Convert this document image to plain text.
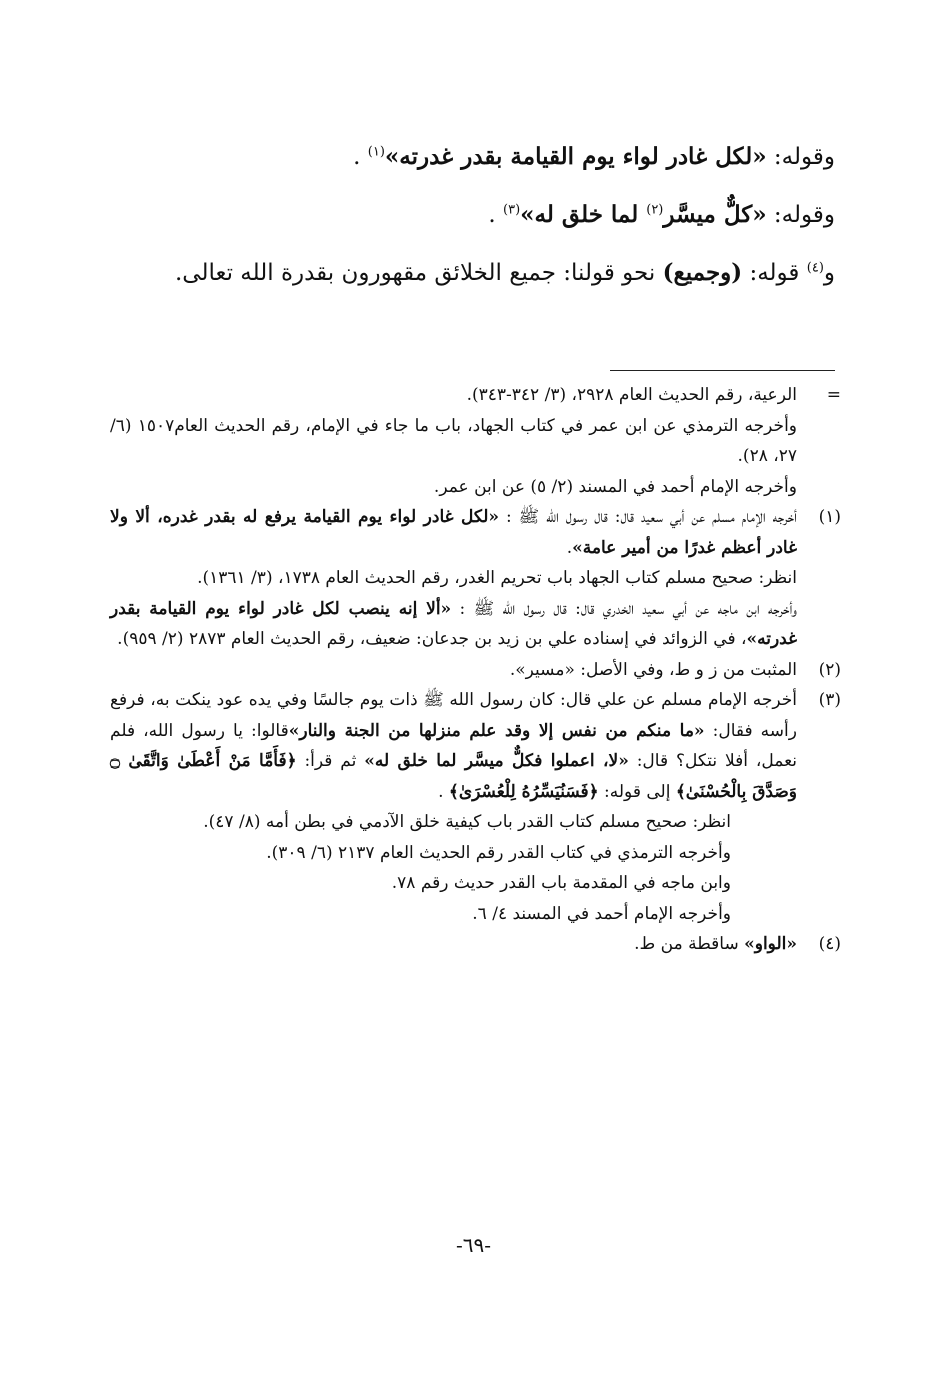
وقوله: «لكل غادر لواء يوم القيامة بقدر غدرته»$^{(١)}$ .

وقوله: «كلٌّ ميسَّر$^{(٢)}$ لما خلق له»$^{(٣)}$ .

و$^{(٤)}$ قوله: (وجميع) نحو قولنا: جميع الخلائق مقهورون بقدرة الله تعالى.

=
الرعية، رقم الحديث العام ٢٩٢٨، (٣/ ٣٤٢-٣٤٣).
وأخرجه الترمذي عن ابن عمر في كتاب الجهاد، باب ما جاء في الإمام، رقم الحديث العام١٥٠٧ (٦/ ٢٧، ٢٨).
وأخرجه الإمام أحمد في المسند (٢/ ٥) عن ابن عمر.
(١)
أخرجه الإمام مسلم عن أبي سعيد قال: قال رسول الله ﷺ : «لكل غادر لواء يوم القيامة يرفع له بقدر غدره، ألا ولا غادر أعظم غدرًا من أمير عامة».
انظر: صحيح مسلم كتاب الجهاد باب تحريم الغدر، رقم الحديث العام ١٧٣٨، (٣/ ١٣٦١).
وأخرجه ابن ماجه عن أبي سعيد الخدري قال: قال رسول الله ﷺ : «ألا إنه ينصب لكل غادر لواء يوم القيامة بقدر غدرته»، في الزوائد في إسناده علي بن زيد بن جدعان: ضعيف، رقم الحديث العام ٢٨٧٣ (٢/ ٩٥٩).
(٢)
المثبت من ز و ط، وفي الأصل: «مسير».
(٣)
أخرجه الإمام مسلم عن علي قال: كان رسول الله ﷺ ذات يوم جالسًا وفي يده عود ينكت به، فرفع رأسه فقال: «ما منكم من نفس إلا وقد علم منزلها من الجنة والنار»قالوا: يا رسول الله، فلم نعمل، أفلا نتكل؟ قال: «لا، اعملوا فكلٌّ ميسَّر لما خلق له» ثم قرأ: ﴿فَأَمَّا مَنْ أَعْطَىٰ وَاتَّقَىٰ ۝ وَصَدَّقَ بِالْحُسْنَىٰ﴾ إلى قوله: ﴿فَسَنُيَسِّرُهُ لِلْعُسْرَىٰ﴾ .
انظر: صحيح مسلم كتاب القدر باب كيفية خلق الآدمي في بطن أمه (٨/ ٤٧).
وأخرجه الترمذي في كتاب القدر رقم الحديث العام ٢١٣٧ (٦/ ٣٠٩).
وابن ماجه في المقدمة باب القدر حديث رقم ٧٨.
وأخرجه الإمام أحمد في المسند ٤/ ٦.
(٤)
«الواو» ساقطة من ط.
-٦٩-
